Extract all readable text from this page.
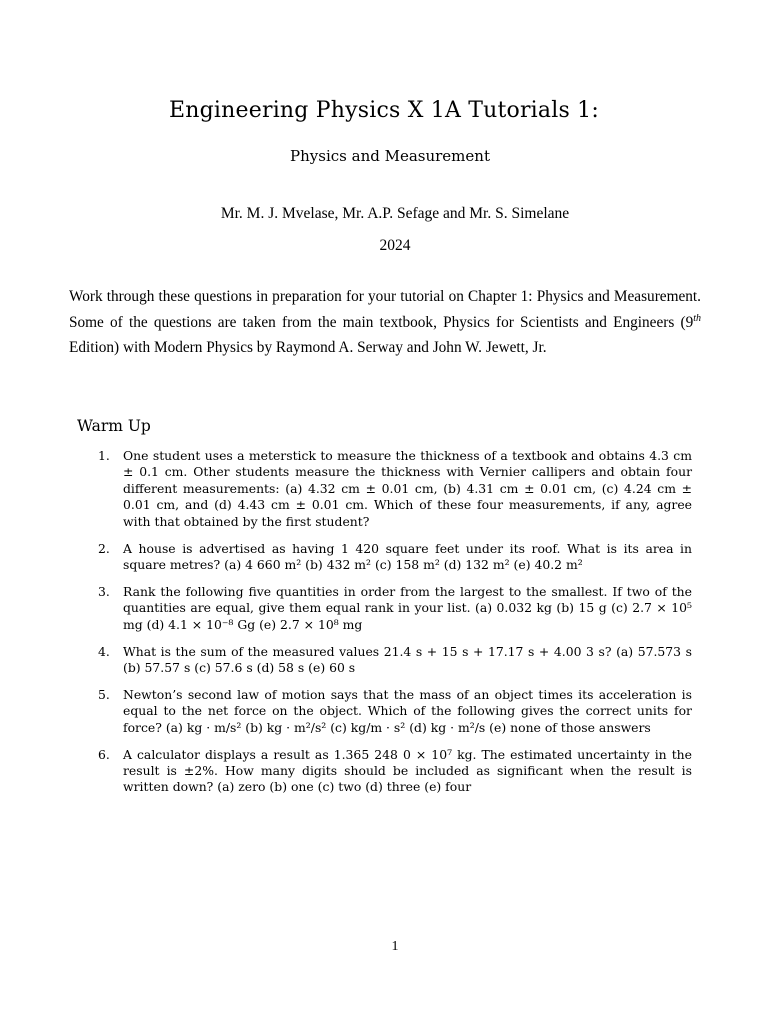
Engineering Physics X 1A Tutorials 1:
Physics and Measurement
Mr. M. J. Mvelase, Mr. A.P. Sefage and Mr. S. Simelane
2024

Work through these questions in preparation for your tutorial on Chapter 1: Physics and Measurement. Some of the questions are taken from the main textbook, Physics for Scientists and Engineers (9th Edition) with Modern Physics by Raymond A. Serway and John W. Jewett, Jr.

Warm Up
1. One student uses a meterstick to measure the thickness of a textbook and obtains 4.3 cm ± 0.1 cm. Other students measure the thickness with Vernier callipers and obtain four different measurements: (a) 4.32 cm ± 0.01 cm, (b) 4.31 cm ± 0.01 cm, (c) 4.24 cm ± 0.01 cm, and (d) 4.43 cm ± 0.01 cm. Which of these four measurements, if any, agree with that obtained by the first student?
2. A house is advertised as having 1 420 square feet under its roof. What is its area in square metres? (a) 4 660 m² (b) 432 m² (c) 158 m² (d) 132 m² (e) 40.2 m²
3. Rank the following five quantities in order from the largest to the smallest. If two of the quantities are equal, give them equal rank in your list. (a) 0.032 kg (b) 15 g (c) 2.7 × 10⁵ mg (d) 4.1 × 10⁻⁸ Gg (e) 2.7 × 10⁸ mg
4. What is the sum of the measured values 21.4 s + 15 s + 17.17 s + 4.00 3 s? (a) 57.573 s (b) 57.57 s (c) 57.6 s (d) 58 s (e) 60 s
5. Newton’s second law of motion says that the mass of an object times its acceleration is equal to the net force on the object. Which of the following gives the correct units for force? (a) kg · m/s² (b) kg · m²/s² (c) kg/m · s² (d) kg · m²/s (e) none of those answers
6. A calculator displays a result as 1.365 248 0 × 10⁷ kg. The estimated uncertainty in the result is ±2%. How many digits should be included as significant when the result is written down? (a) zero (b) one (c) two (d) three (e) four
1
